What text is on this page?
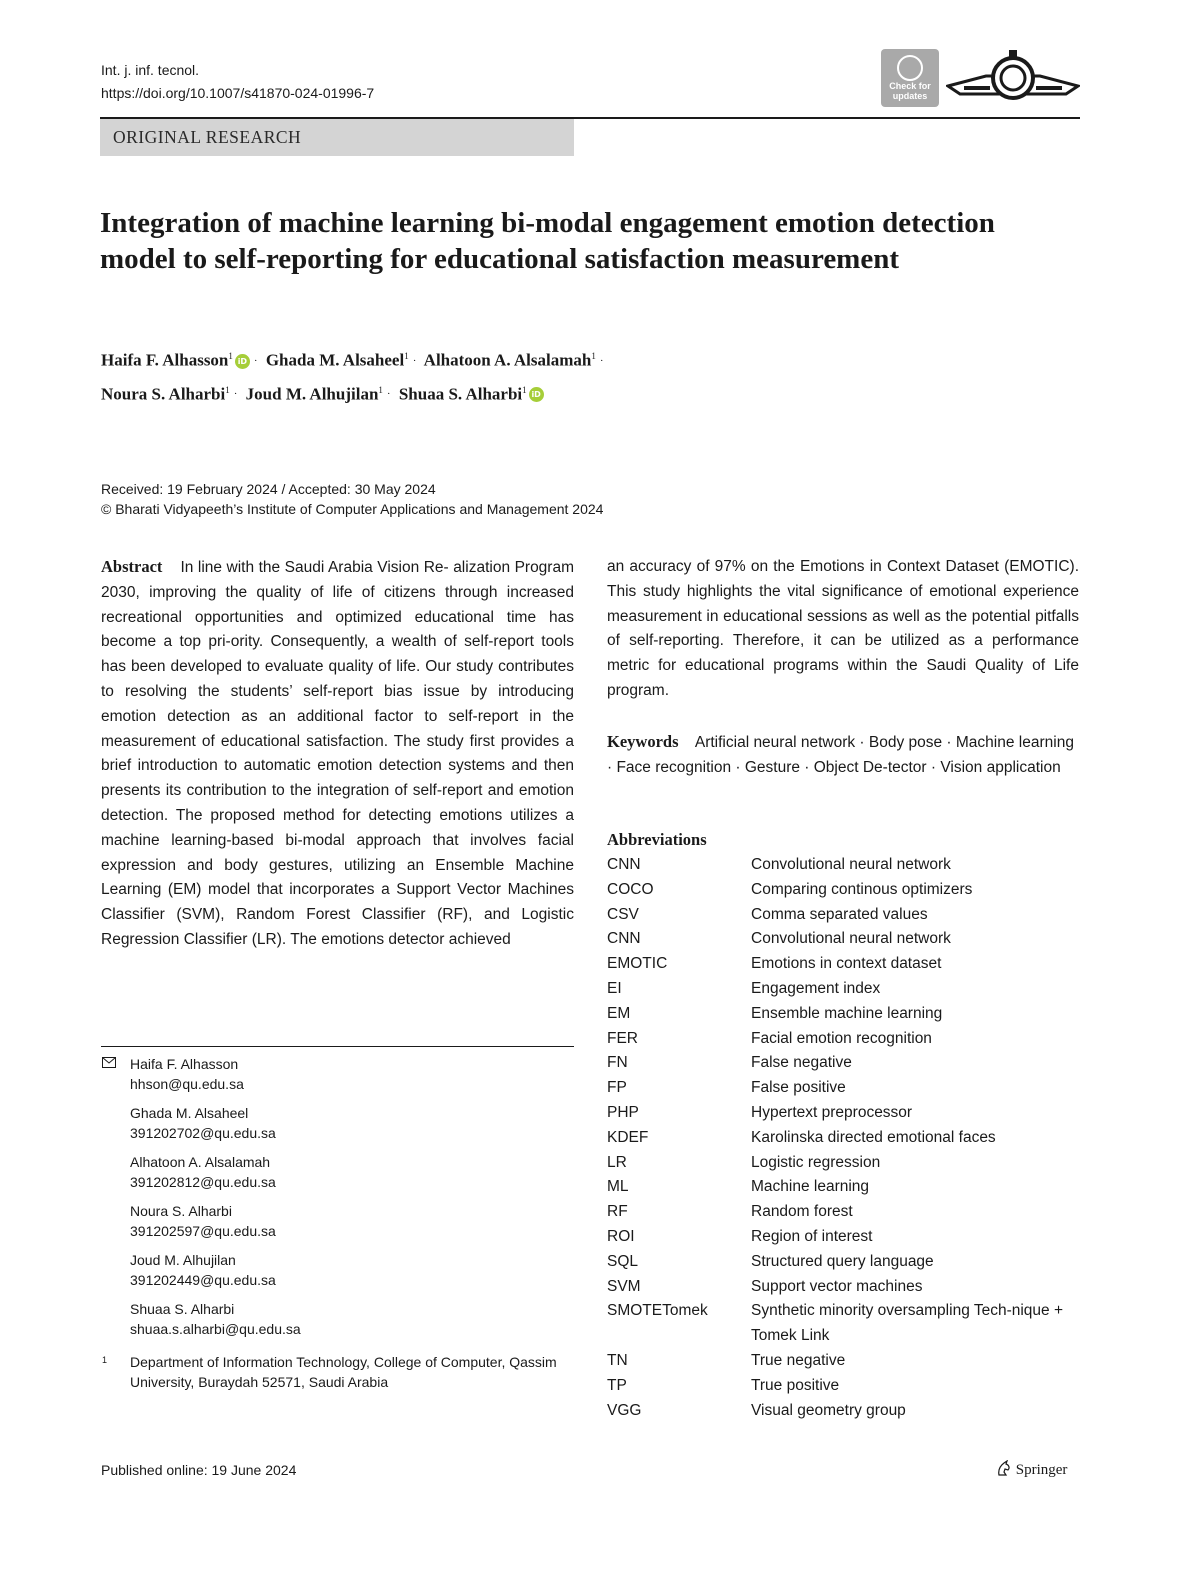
Int. j. inf. tecnol.
https://doi.org/10.1007/s41870-024-01996-7	Check for updates
ORIGINAL RESEARCH
Integration of machine learning bi-modal engagement emotion detection model to self-reporting for educational satisfaction measurement
Haifa F. Alhasson$^1$iD · Ghada M. Alsaheel$^1$ · Alhatoon A. Alsalamah$^1$ ·
Noura S. Alharbi$^1$ · Joud M. Alhujilan$^1$ · Shuaa S. Alharbi$^1$iD
Received: 19 February 2024 / Accepted: 30 May 2024
© Bharati Vidyapeeth’s Institute of Computer Applications and Management 2024
Abstract In line with the Saudi Arabia Vision Re- alization Program 2030, improving the quality of life of citizens through increased recreational opportunities and optimized educational time has become a top pri-ority. Consequently, a wealth of self-report tools has been developed to evaluate quality of life. Our study contributes to resolving the students’ self-report bias issue by introducing emotion detection as an additional factor to self-report in the measurement of educational satisfaction. The study first provides a brief introduction to automatic emotion detection systems and then presents its contribution to the integration of self-report and emotion detection. The proposed method for detecting emotions utilizes a machine learning-based bi-modal approach that involves facial expression and body gestures, utilizing an Ensemble Machine Learning (EM) model that incorporates a Support Vector Machines Classifier (SVM), Random Forest Classifier (RF), and Logistic Regression Classifier (LR). The emotions detector achieved
an accuracy of 97% on the Emotions in Context Dataset (EMOTIC). This study highlights the vital significance of emotional experience measurement in educational sessions as well as the potential pitfalls of self-reporting. Therefore, it can be utilized as a performance metric for educational programs within the Saudi Quality of Life program.
Keywords Artificial neural network · Body pose · Machine learning · Face recognition · Gesture · Object De-tector · Vision application
Abbreviations
CNN	Convolutional neural network
COCO	Comparing continous optimizers
CSV	Comma separated values
CNN	Convolutional neural network
EMOTIC	Emotions in context dataset
EI	Engagement index
EM	Ensemble machine learning
FER	Facial emotion recognition
FN	False negative
FP	False positive
PHP	Hypertext preprocessor
KDEF	Karolinska directed emotional faces
LR	Logistic regression
ML	Machine learning
RF	Random forest
ROI	Region of interest
SQL	Structured query language
SVM	Support vector machines
SMOTETomek	Synthetic minority oversampling Tech-nique + Tomek Link
TN	True negative
TP	True positive
VGG	Visual geometry group
Haifa F. Alhasson
hhson@qu.edu.sa
Ghada M. Alsaheel
391202702@qu.edu.sa
Alhatoon A. Alsalamah
391202812@qu.edu.sa
Noura S. Alharbi
391202597@qu.edu.sa
Joud M. Alhujilan
391202449@qu.edu.sa
Shuaa S. Alharbi
shuaa.s.alharbi@qu.edu.sa
1 Department of Information Technology, College of Computer, Qassim University, Buraydah 52571, Saudi Arabia
Published online: 19 June 2024	Springer
